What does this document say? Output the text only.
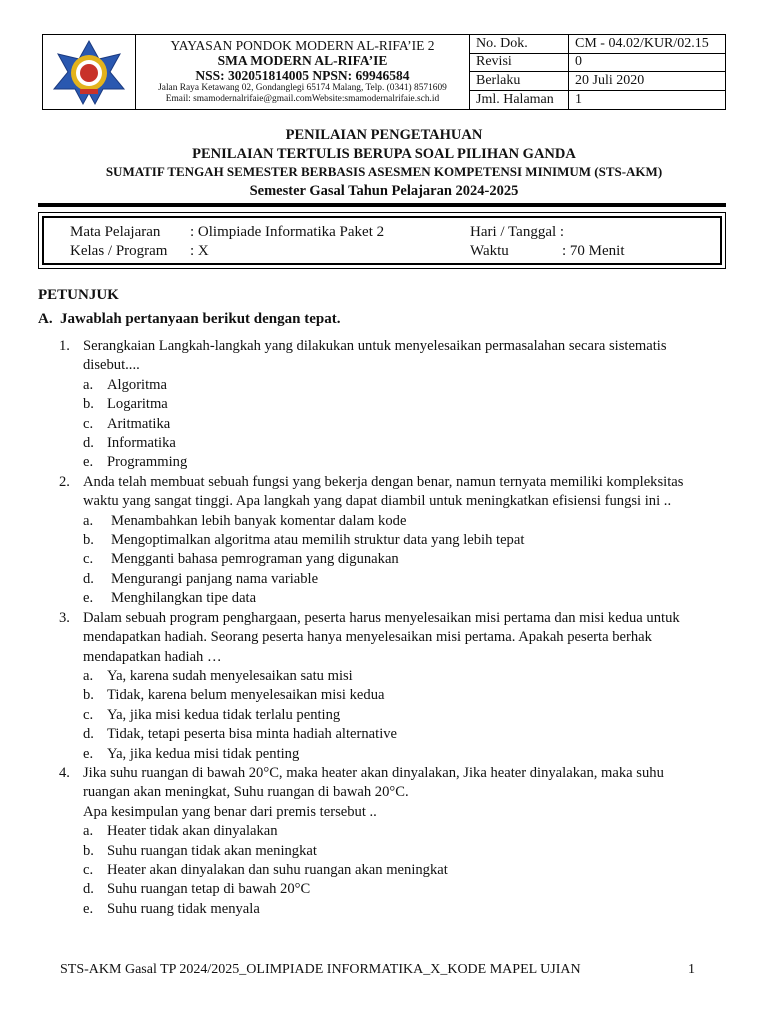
YAYASAN PONDOK MODERN AL-RIFA’IE 2
SMA MODERN AL-RIFA’IE
NSS: 302051814005 NPSN: 69946584
Jalan Raya Ketawang 02, Gondanglegi 65174 Malang, Telp. (0341) 8571609
Email: smamodernalrifaie@gmail.comWebsite:smamodernalrifaie.sch.id
No. Dok.	CM - 04.02/KUR/02.15
Revisi	0
Berlaku	20 Juli 2020
Jml. Halaman	1
PENILAIAN PENGETAHUAN
PENILAIAN TERTULIS BERUPA SOAL PILIHAN GANDA
SUMATIF TENGAH SEMESTER BERBASIS ASESMEN KOMPETENSI MINIMUM (STS-AKM)
Semester Gasal Tahun Pelajaran 2024-2025
Mata Pelajaran : Olimpiade Informatika Paket 2
Kelas / Program : X
Hari / Tanggal :
Waktu	: 70 Menit
PETUNJUK
A. Jawablah pertanyaan berikut dengan tepat.
1. Serangkaian Langkah-langkah yang dilakukan untuk menyelesaikan permasalahan secara sistematis
disebut....
a. Algoritma
b. Logaritma
c. Aritmatika
d. Informatika
e. Programming
2. Anda telah membuat sebuah fungsi yang bekerja dengan benar, namun ternyata memiliki kompleksitas
waktu yang sangat tinggi. Apa langkah yang dapat diambil untuk meningkatkan efisiensi fungsi ini ..
a. Menambahkan lebih banyak komentar dalam kode
b. Mengoptimalkan algoritma atau memilih struktur data yang lebih tepat
c. Mengganti bahasa pemrograman yang digunakan
d. Mengurangi panjang nama variable
e. Menghilangkan tipe data
3. Dalam sebuah program penghargaan, peserta harus menyelesaikan misi pertama dan misi kedua untuk
mendapatkan hadiah. Seorang peserta hanya menyelesaikan misi pertama. Apakah peserta berhak
mendapatkan hadiah …
a. Ya, karena sudah menyelesaikan satu misi
b. Tidak, karena belum menyelesaikan misi kedua
c. Ya, jika misi kedua tidak terlalu penting
d. Tidak, tetapi peserta bisa minta hadiah alternative
e. Ya, jika kedua misi tidak penting
4. Jika suhu ruangan di bawah 20°C, maka heater akan dinyalakan, Jika heater dinyalakan, maka suhu
ruangan akan meningkat, Suhu ruangan di bawah 20°C.
Apa kesimpulan yang benar dari premis tersebut ..
a. Heater tidak akan dinyalakan
b. Suhu ruangan tidak akan meningkat
c. Heater akan dinyalakan dan suhu ruangan akan meningkat
d. Suhu ruangan tetap di bawah 20°C
e. Suhu ruang tidak menyala
STS-AKM Gasal TP 2024/2025_OLIMPIADE INFORMATIKA_X_KODE MAPEL UJIAN	1
